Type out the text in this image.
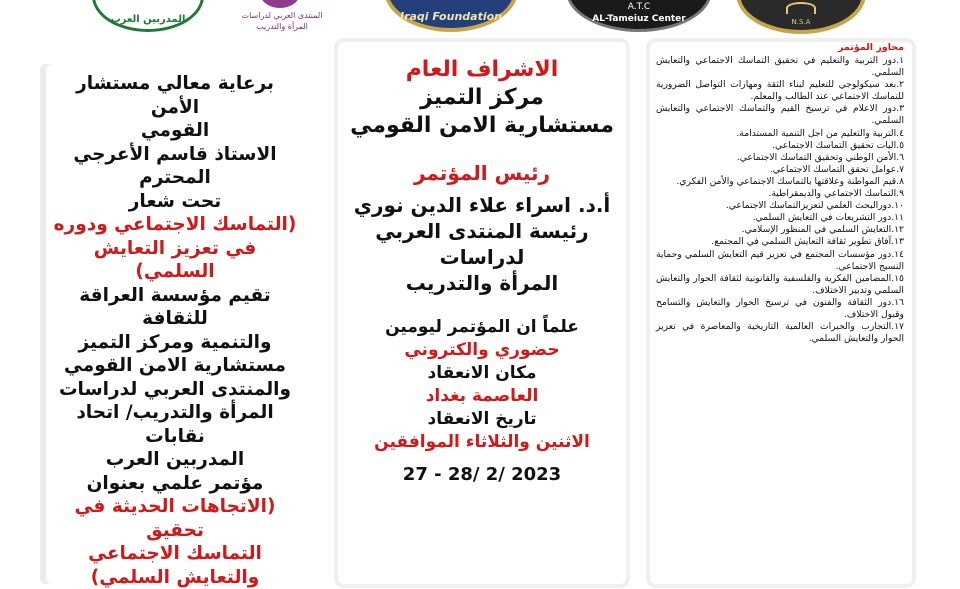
المدربين العرب	المنتدى العربي لدراسات
المرأة والتدريب
Iraqi Foundation
A.T.C
AL-Tameiuz Center	N.S.A

برعاية معالي مستشار الأمن

القومي

الاستاذ قاسم الأعرجي المحترم

تحت شعار

(التماسك الاجتماعي ودوره

في تعزيز التعايش السلمي)

تقيم مؤسسة العراقة للثقافة

والتنمية ومركز التميز

مستشارية الامن القومي

والمنتدى العربي لدراسات

المرأة والتدريب/ اتحاد نقابات

المدربين العرب

مؤتمر علمي بعنوان

(الاتجاهات الحديثة في تحقيق

التماسك الاجتماعي

والتعايش السلمي)

الاشراف العام

مركز التميز

مستشارية الامن القومي

رئيس المؤتمر

أ.د. اسراء علاء الدين نوري

رئيسة المنتدى العربي لدراسات

المرأة والتدريب

علماً ان المؤتمر ليومين

حضوري والكتروني

مكان الانعقاد

العاصمة بغداد

تاريخ الانعقاد

الاثنين والثلاثاء الموافقين

27 - 28/ 2/ 2023

محاور المؤتمر

١.دور التربية والتعليم في تحقيق التماسك الاجتماعي والتعايش السلمي.

٢.بعد سيكولوجي للتعليم لبناء الثقة ومهارات التواصل الضرورية للتماسك الاجتماعي عند الطالب والمعلم.

٣.دور الاعلام في ترسيخ القيم والتماسك الاجتماعي والتعايش السلمي.

٤.التربية والتعليم من اجل التنمية المستدامة.

٥.اليات تحقيق التماسك الاجتماعي.

٦.الأمن الوطني وتحقيق التماسك الاجتماعي.

٧.عوامل تحقق التماسك الاجتماعي.

٨.قيم المواطنة وعلاقتها بالتماسك الاجتماعي والأمن الفكري.

٩.التماسك الاجتماعي والديمقراطية.

١٠.دورالبحث العلمي لتعزيزالتماسك الاجتماعي.

١١.دور التشريعات في التعايش السلمي.

١٢.التعايش السلمي في المنظور الإسلامي.

١٣.آفاق تطوير ثقافة التعايش السلمي في المجتمع.

١٤.دور مؤسسات المجتمع في تعزيز قيم التعايش السلمي وحماية النسيج الاجتماعي.

١٥.المضامين الفكرية والفلسفية والقانونية لثقافة الحوار والتعايش السلمي وتدبير الاختلاف.

١٦.دور الثقافة والفنون في ترسيخ الحوار والتعايش والتسامح وقبول الاختلاف.

١٧.التجارب والخبرات العالمية التاريخية والمعاصرة في تعزيز الحوار والتعايش السلمي.
